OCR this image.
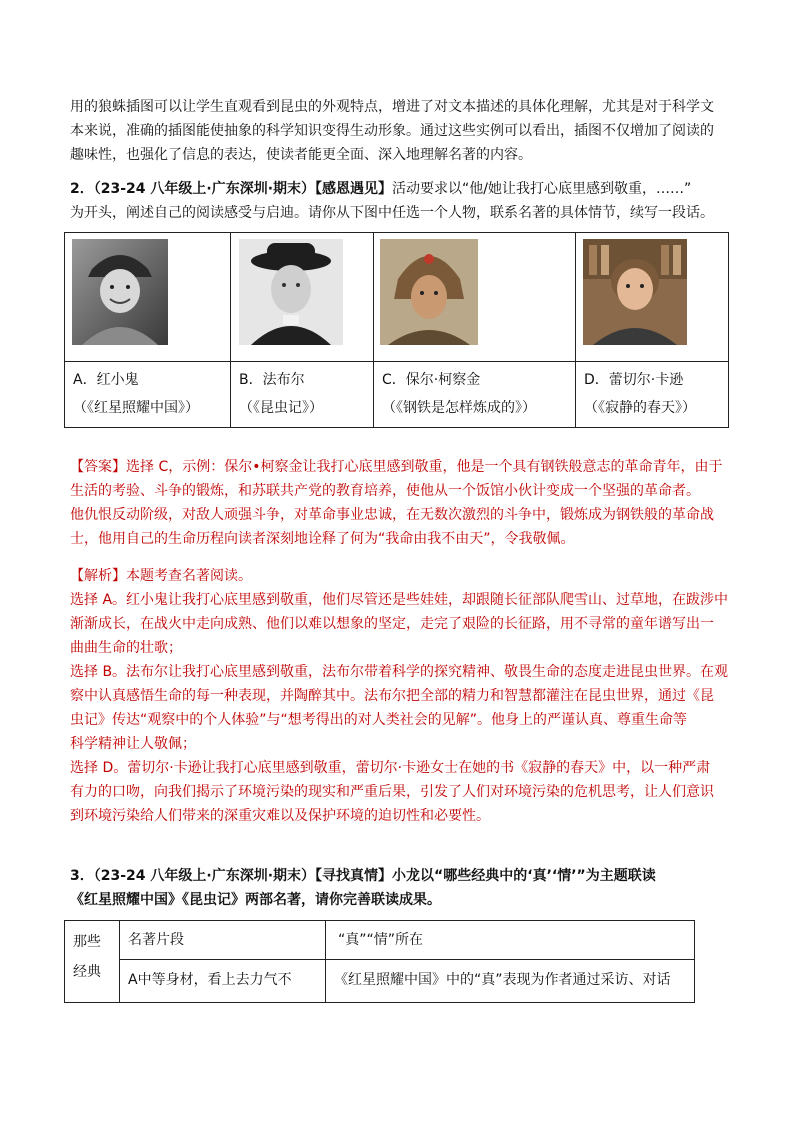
用的狼蛛插图可以让学生直观看到昆虫的外观特点，增进了对文本描述的具体化理解，尤其是对于科学文
本来说，准确的插图能使抽象的科学知识变得生动形象。通过这些实例可以看出，插图不仅增加了阅读的
趣味性，也强化了信息的表达，使读者能更全面、深入地理解名著的内容。
2．（23-24 八年级上·广东深圳·期末）【感恩遇见】活动要求以“他/她让我打心底里感到敬重，……”
为开头，阐述自己的阅读感受与启迪。请你从下图中任选一个人物，联系名著的具体情节，续写一段话。
A．红小鬼
（《红星照耀中国》）
B．法布尔
（《昆虫记》）
C．保尔·柯察金
（《钢铁是怎样炼成的》）
D．蕾切尔·卡逊
（《寂静的春天》）
【答案】选择 C，示例：保尔•柯察金让我打心底里感到敬重，他是一个具有钢铁般意志的革命青年，由于
生活的考验、斗争的锻炼，和苏联共产党的教育培养，使他从一个饭馆小伙计变成一个坚强的革命者。
他仇恨反动阶级，对敌人顽强斗争，对革命事业忠诚，在无数次激烈的斗争中，锻炼成为钢铁般的革命战
士，他用自己的生命历程向读者深刻地诠释了何为“我命由我不由天”，令我敬佩。
【解析】本题考查名著阅读。
选择 A。红小鬼让我打心底里感到敬重，他们尽管还是些娃娃，却跟随长征部队爬雪山、过草地，在跋涉中
渐渐成长，在战火中走向成熟、他们以难以想象的坚定，走完了艰险的长征路，用不寻常的童年谱写出一
曲曲生命的壮歌；
选择 B。法布尔让我打心底里感到敬重，法布尔带着科学的探究精神、敬畏生命的态度走进昆虫世界。在观
察中认真感悟生命的每一种表现，并陶醉其中。法布尔把全部的精力和智慧都灌注在昆虫世界，通过《昆
虫记》传达“观察中的个人体验”与“想考得出的对人类社会的见解”。他身上的严谨认真、尊重生命等
科学精神让人敬佩；
选择 D。蕾切尔·卡逊让我打心底里感到敬重，蕾切尔·卡逊女士在她的书《寂静的春天》中，以一种严肃
有力的口吻，向我们揭示了环境污染的现实和严重后果，引发了人们对环境污染的危机思考，让人们意识
到环境污染给人们带来的深重灾难以及保护环境的迫切性和必要性。
3．（23-24 八年级上·广东深圳·期末）【寻找真情】小龙以“哪些经典中的‘真’‘情’”为主题联读
《红星照耀中国》《昆虫记》两部名著，请你完善联读成果。
那些
经典
名著片段
A中等身材，看上去力气不
“真”“情”所在
《红星照耀中国》中的“真”表现为作者通过采访、对话
